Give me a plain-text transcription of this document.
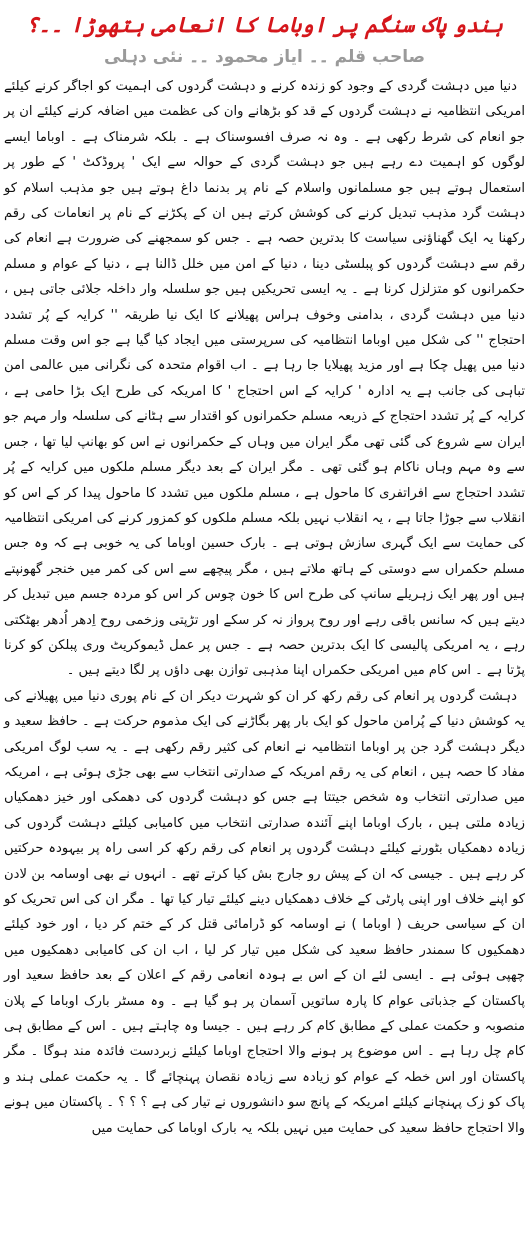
ہندو پاک سنگم پر اوباما کا انعامی ہتھوڑا ۔۔؟
صاحب قلم ۔۔ ایاز محمود ۔۔ نئی دہلی

دنیا میں دہشت گردی کے وجود کو زندہ کرنے و دہشت گردوں کی اہمیت کو اجاگر کرنے کیلئے امریکی انتظامیہ نے دہشت گردوں کے قد کو بڑھانے وان کی عظمت میں اضافہ کرنے کیلئے ان پر جو انعام کی شرط رکھی ہے ۔ وہ نہ صرف افسوسناک ہے ۔ بلکہ شرمناک ہے ۔ اوباما ایسے لوگوں کو اہمیت دے رہے ہیں جو دہشت گردی کے حوالہ سے ایک ' پروڈکٹ ' کے طور پر استعمال ہوتے ہیں جو مسلمانوں واسلام کے نام پر بدنما داغ ہوتے ہیں جو مذہب اسلام کو دہشت گرد مذہب تبدیل کرنے کی کوشش کرتے ہیں ان کے پکڑنے کے نام پر انعامات کی رقم رکھنا یہ ایک گھناؤنی سیاست کا بدترین حصہ ہے ۔ جس کو سمجھنے کی ضرورت ہے انعام کی رقم سے دہشت گردوں کو پبلسٹی دینا ، دنیا کے امن میں خلل ڈالنا ہے ، دنیا کے عوام و مسلم حکمرانوں کو متزلزل کرنا ہے ۔ یہ ایسی تحریکیں ہیں جو سلسلہ وار داخلہ جلائی جاتی ہیں ، دنیا میں دہشت گردی ، بدامنی وخوف ہراس پھیلانے کا ایک نیا طریقہ '' کرایہ کے پُر تشدد احتجاج '' کی شکل میں اوباما انتظامیہ کی سرپرستی میں ایجاد کیا گیا ہے جو اس وقت مسلم دنیا میں پھیل چکا ہے اور مزید پھیلایا جا رہا ہے ۔ اب اقوام متحدہ کی نگرانی میں عالمی امن تباہی کی جانب ہے یہ ادارہ ' کرایہ کے اس احتجاج ' کا امریکہ کی طرح ایک بڑا حامی ہے ، کرایہ کے پُر تشدد احتجاج کے ذریعہ مسلم حکمرانوں کو اقتدار سے ہٹانے کی سلسلہ وار مہم جو ایران سے شروع کی گئی تھی مگر ایران میں وہاں کے حکمرانوں نے اس کو بھانپ لیا تھا ، جس سے وہ مہم وہاں ناکام ہو گئی تھی ۔ مگر ایران کے بعد دیگر مسلم ملکوں میں کرایہ کے پُر تشدد احتجاج سے افراتفری کا ماحول ہے ، مسلم ملکوں میں تشدد کا ماحول پیدا کر کے اس کو انقلاب سے جوڑا جاتا ہے ، یہ انقلاب نہیں بلکہ مسلم ملکوں کو کمزور کرنے کی امریکی انتظامیہ کی حمایت سے ایک گہری سازش ہوتی ہے ۔ بارک حسین اوباما کی یہ خوبی ہے کہ وہ جس مسلم حکمراں سے دوستی کے ہاتھ ملاتے ہیں ، مگر پیچھے سے اس کی کمر میں خنجر گھونپتے ہیں اور پھر ایک زہریلے سانپ کی طرح اس کا خون چوس کر اس کو مردہ جسم میں تبدیل کر دیتے ہیں کہ سانس باقی رہے اور روح پرواز نہ کر سکے اور تڑپتی وزخمی روح اِدھر اُدھر بھٹکتی رہے ، یہ امریکی پالیسی کا ایک بدترین حصہ ہے ۔ جس پر عمل ڈیموکریٹ وری پبلکن کو کرنا پڑتا ہے ۔ اس کام میں امریکی حکمراں اپنا مذہبی توازن بھی داؤں پر لگا دیتے ہیں ۔

دہشت گردوں پر انعام کی رقم رکھ کر ان کو شہرت دیکر ان کے نام پوری دنیا میں پھیلانے کی یہ کوشش دنیا کے پُرامن ماحول کو ایک بار پھر بگاڑنے کی ایک مذموم حرکت ہے ۔ حافظ سعید و دیگر دہشت گرد جن پر اوباما انتظامیہ نے انعام کی کثیر رقم رکھی ہے ۔ یہ سب لوگ امریکی مفاد کا حصہ ہیں ، انعام کی یہ رقم امریکہ کے صدارتی انتخاب سے بھی جڑی ہوئی ہے ، امریکہ میں صدارتی انتخاب وہ شخص جیتتا ہے جس کو دہشت گردوں کی دھمکی اور خیز دھمکیاں زیادہ ملتی ہیں ، بارک اوباما اپنے آئندہ صدارتی انتخاب میں کامیابی کیلئے دہشت گردوں کی زیادہ دھمکیاں بٹورنے کیلئے دہشت گردوں پر انعام کی رقم رکھ کر اسی راہ پر بیہودہ حرکتیں کر رہے ہیں ۔ جیسی کہ ان کے پیش رو جارج بش کیا کرتے تھے ۔ انہوں نے بھی اوسامہ بن لادن کو اپنے خلاف اور اپنی پارٹی کے خلاف دھمکیاں دینے کیلئے تیار کیا تھا ۔ مگر ان کی اس تحریک کو ان کے سیاسی حریف ( اوباما ) نے اوسامہ کو ڈرامائی قتل کر کے ختم کر دیا ، اور خود کیلئے دھمکیوں کا سمندر حافظ سعید کی شکل میں تیار کر لیا ، اب ان کی کامیابی دھمکیوں میں چھپی ہوئی ہے ۔ ایسی لئے ان کے اس بے ہودہ انعامی رقم کے اعلان کے بعد حافظ سعید اور پاکستان کے جذباتی عوام کا پارہ ساتویں آسمان پر ہو گیا ہے ۔ وہ مسٹر بارک اوباما کے پلان منصوبہ و حکمت عملی کے مطابق کام کر رہے ہیں ۔ جیسا وہ چاہتے ہیں ۔ اس کے مطابق ہی کام چل رہا ہے ۔ اس موضوع پر ہونے والا احتجاج اوباما کیلئے زبردست فائدہ مند ہوگا ۔ مگر پاکستان اور اس خطہ کے عوام کو زیادہ سے زیادہ نقصان پہنچائے گا ۔ یہ حکمت عملی ہند و پاک کو زک پہنچانے کیلئے امریکہ کے پانچ سو دانشوروں نے تیار کی ہے ؟ ؟ ؟ ۔ پاکستان میں ہونے والا احتجاج حافظ سعید کی حمایت میں نہیں بلکہ یہ بارک اوباما کی حمایت میں
